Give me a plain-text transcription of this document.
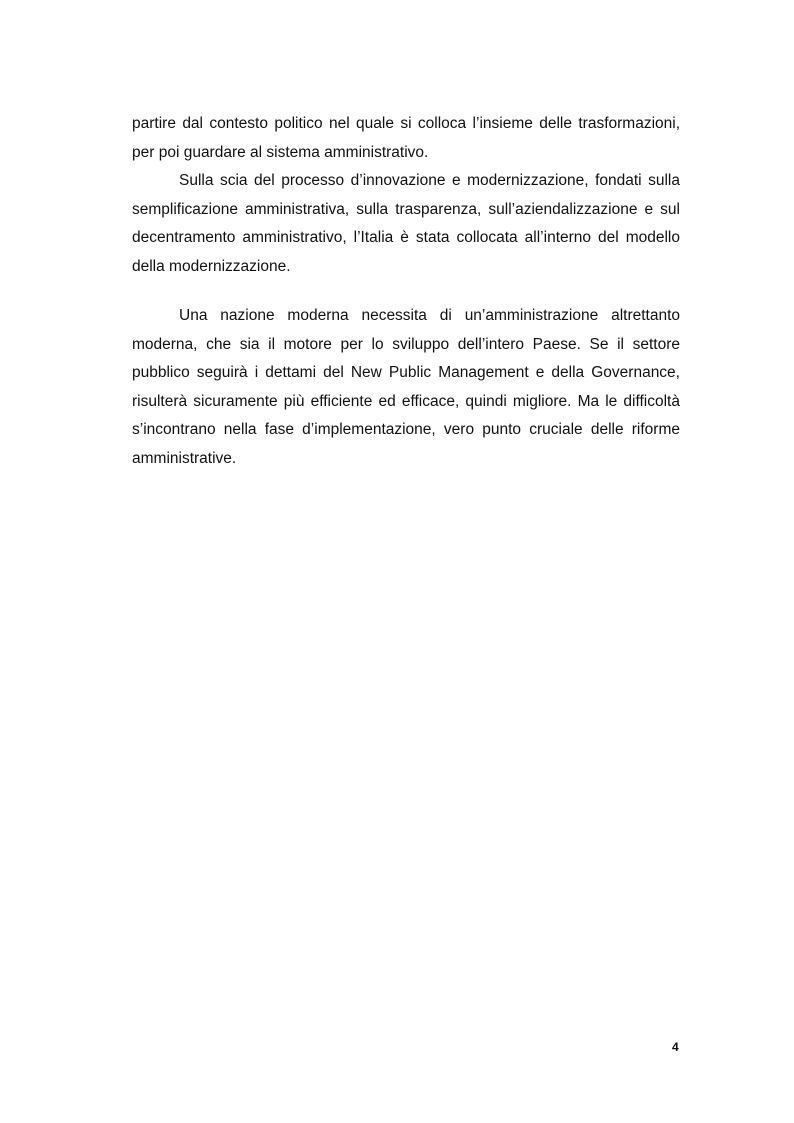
partire dal contesto politico nel quale si colloca l’insieme delle trasformazioni, per poi guardare al sistema amministrativo.

Sulla scia del processo d’innovazione e modernizzazione, fondati sulla semplificazione amministrativa, sulla trasparenza, sull’aziendalizzazione e sul decentramento amministrativo, l’Italia è stata collocata all’interno del modello della modernizzazione.

Una nazione moderna necessita di un’amministrazione altrettanto moderna, che sia il motore per lo sviluppo dell’intero Paese. Se il settore pubblico seguirà i dettami del New Public Management e della Governance, risulterà sicuramente più efficiente ed efficace, quindi migliore. Ma le difficoltà s’incontrano nella fase d’implementazione, vero punto cruciale delle riforme amministrative.

4
